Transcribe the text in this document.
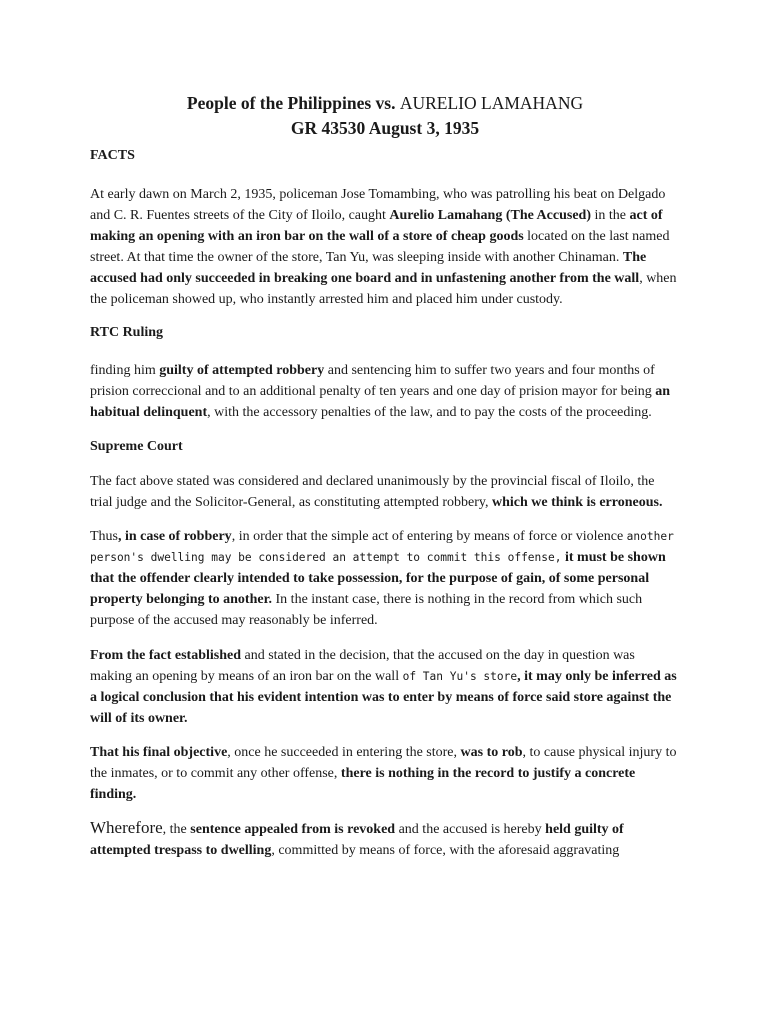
People of the Philippines vs. AURELIO LAMAHANG
GR 43530 August 3, 1935
FACTS

At early dawn on March 2, 1935, policeman Jose Tomambing, who was patrolling his beat on Delgado and C. R. Fuentes streets of the City of Iloilo, caught Aurelio Lamahang (The Accused) in the act of making an opening with an iron bar on the wall of a store of cheap goods located on the last named street. At that time the owner of the store, Tan Yu, was sleeping inside with another Chinaman. The accused had only succeeded in breaking one board and in unfastening another from the wall, when the policeman showed up, who instantly arrested him and placed him under custody.

RTC Ruling

finding him guilty of attempted robbery and sentencing him to suffer two years and four months of prision correccional and to an additional penalty of ten years and one day of prision mayor for being an habitual delinquent, with the accessory penalties of the law, and to pay the costs of the proceeding.

Supreme Court

The fact above stated was considered and declared unanimously by the provincial fiscal of Iloilo, the trial judge and the Solicitor-General, as constituting attempted robbery, which we think is erroneous.

Thus, in case of robbery, in order that the simple act of entering by means of force or violence another person's dwelling may be considered an attempt to commit this offense, it must be shown that the offender clearly intended to take possession, for the purpose of gain, of some personal property belonging to another. In the instant case, there is nothing in the record from which such purpose of the accused may reasonably be inferred.

From the fact established and stated in the decision, that the accused on the day in question was making an opening by means of an iron bar on the wall of Tan Yu's store, it may only be inferred as a logical conclusion that his evident intention was to enter by means of force said store against the will of its owner.

That his final objective, once he succeeded in entering the store, was to rob, to cause physical injury to the inmates, or to commit any other offense, there is nothing in the record to justify a concrete finding.

Wherefore, the sentence appealed from is revoked and the accused is hereby held guilty of attempted trespass to dwelling, committed by means of force, with the aforesaid aggravating
